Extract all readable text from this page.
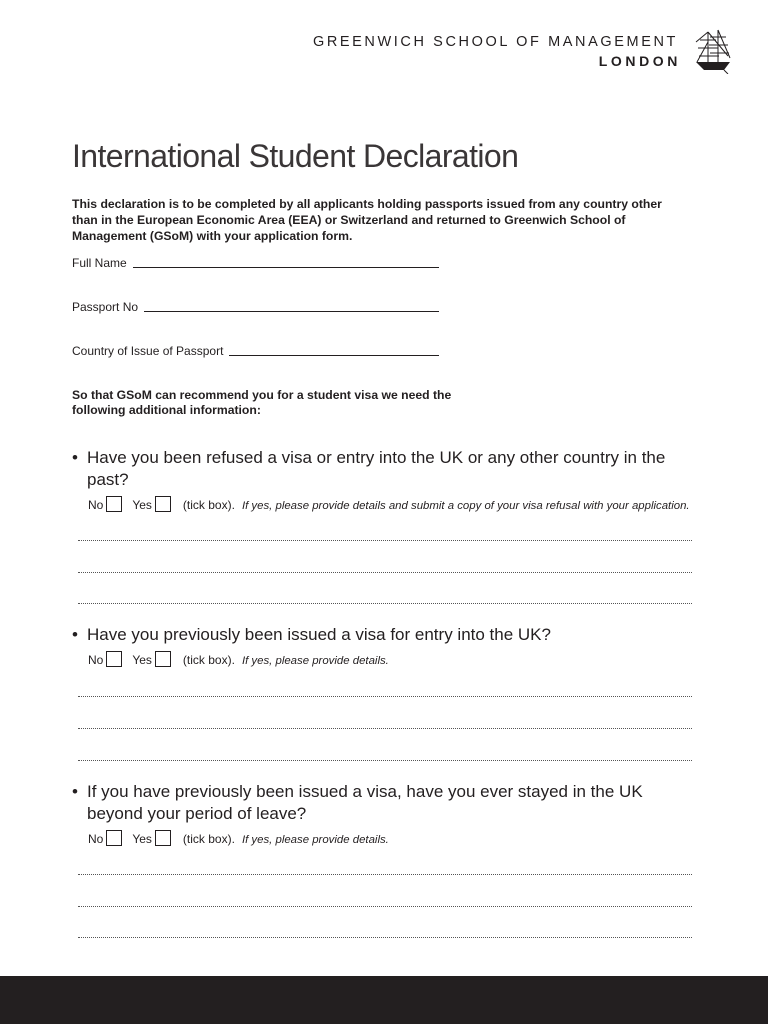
GREENWICH SCHOOL OF MANAGEMENT
LONDON
International Student Declaration

This declaration is to be completed by all applicants holding passports issued from any country other than in the European Economic Area (EEA) or Switzerland and returned to Greenwich School of Management (GSoM) with your application form.

Full Name
Passport No
Country of Issue of Passport

So that GSoM can recommend you for a student visa we need the following additional information:

• Have you been refused a visa or entry into the UK or any other country in the past?
No Yes	(tick box). If yes, please provide details and submit a copy of your visa refusal with your application.
• Have you previously been issued a visa for entry into the UK?
No Yes	(tick box). If yes, please provide details.
• If you have previously been issued a visa, have you ever stayed in the UK beyond your period of leave?
No Yes	(tick box). If yes, please provide details.
